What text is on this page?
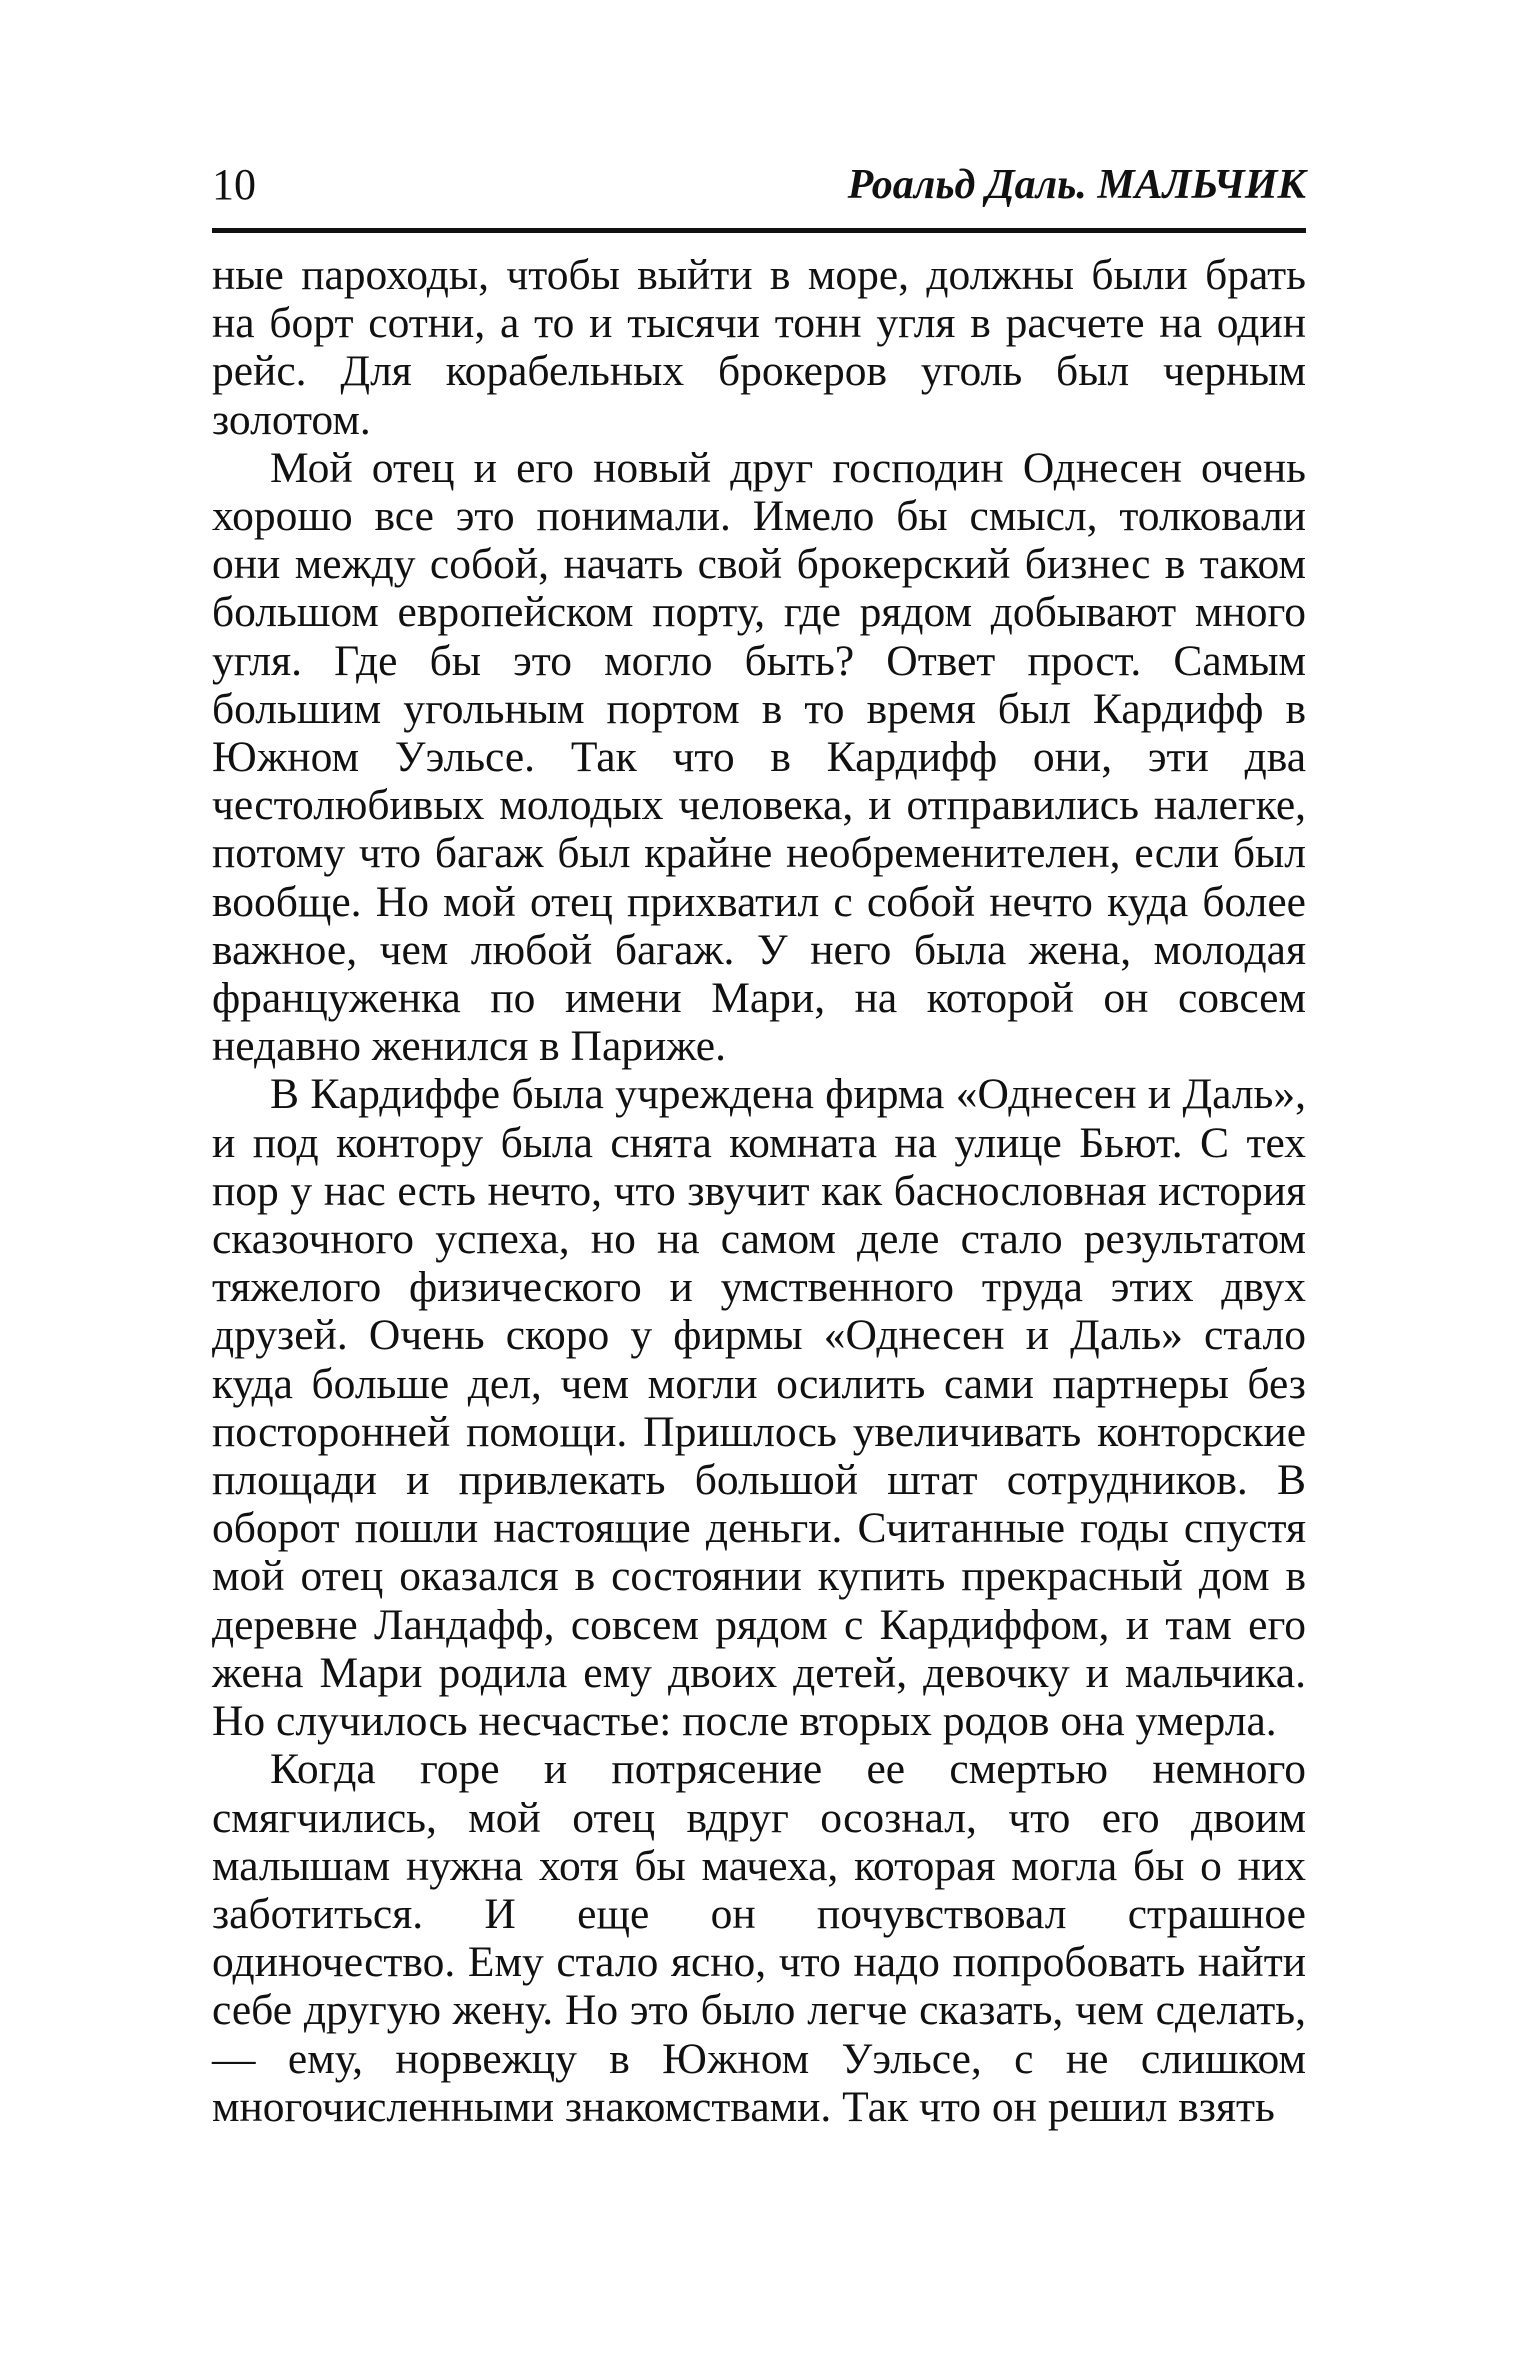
10	Роальд Даль. МАЛЬЧИК

ные пароходы, чтобы выйти в море, должны были брать на борт сотни, а то и тысячи тонн угля в расчете на один рейс. Для корабельных брокеров уголь был черным золотом.

Мой отец и его новый друг господин Однесен очень хорошо все это понимали. Имело бы смысл, толковали они между собой, начать свой брокерский бизнес в таком большом европейском порту, где рядом добывают много угля. Где бы это могло быть? Ответ прост. Самым большим угольным портом в то время был Кардифф в Южном Уэльсе. Так что в Кардифф они, эти два честолюбивых молодых человека, и отправились налегке, потому что багаж был крайне необременителен, если был вообще. Но мой отец прихватил с собой нечто куда более важное, чем любой багаж. У него была жена, молодая француженка по имени Мари, на которой он совсем недавно женился в Париже.

В Кардиффе была учреждена фирма «Однесен и Даль», и под контору была снята комната на улице Бьют. С тех пор у нас есть нечто, что звучит как баснословная история сказочного успеха, но на самом деле стало результатом тяжелого физического и умственного труда этих двух друзей. Очень скоро у фирмы «Однесен и Даль» стало куда больше дел, чем могли осилить сами партнеры без посторонней помощи. Пришлось увеличивать конторские площади и привлекать большой штат сотрудников. В оборот пошли настоящие деньги. Считанные годы спустя мой отец оказался в состоянии купить прекрасный дом в деревне Ландафф, совсем рядом с Кардиффом, и там его жена Мари родила ему двоих детей, девочку и мальчика. Но случилось несчастье: после вторых родов она умерла.

Когда горе и потрясение ее смертью немного смягчились, мой отец вдруг осознал, что его двоим малышам нужна хотя бы мачеха, которая могла бы о них заботиться. И еще он почувствовал страшное одиночество. Ему стало ясно, что надо попробовать найти себе другую жену. Но это было легче сказать, чем сделать, — ему, норвежцу в Южном Уэльсе, с не слишком многочисленными знакомствами. Так что он решил взять
